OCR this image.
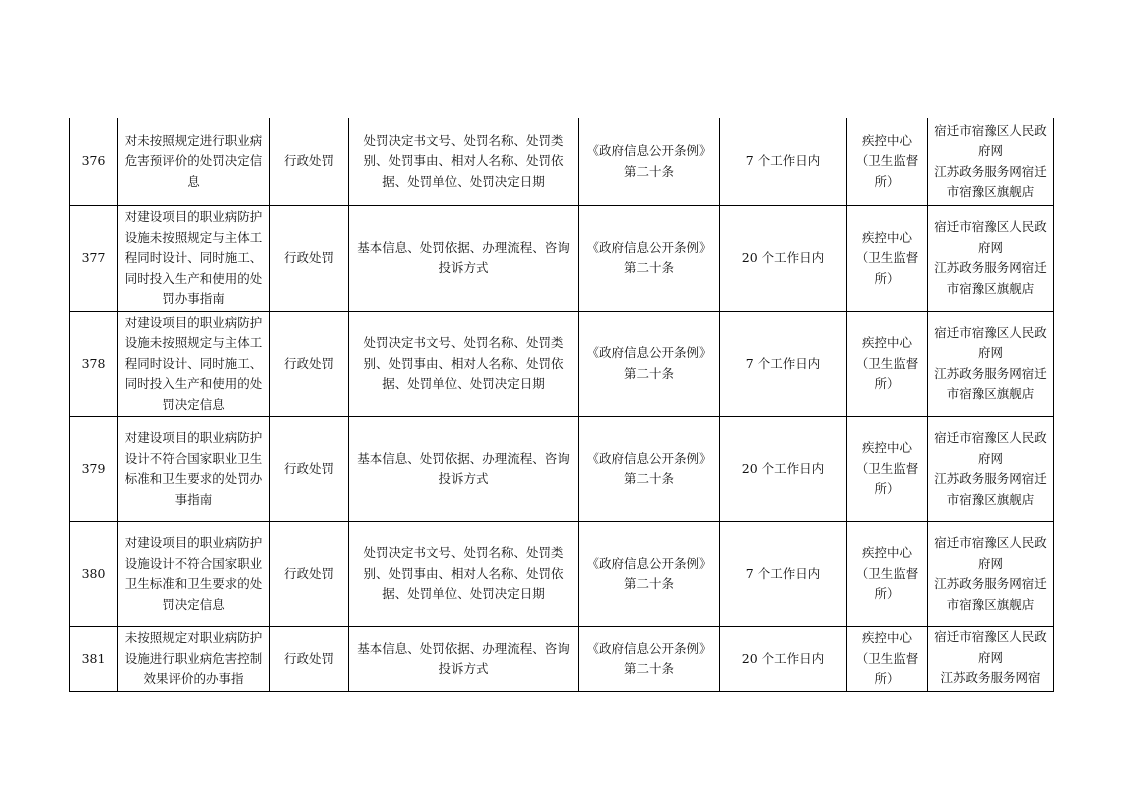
376	对未按照规定进行职业病危害预评价的处罚决定信息	行政处罚	处罚决定书文号、处罚名称、处罚类别、处罚事由、相对人名称、处罚依据、处罚单位、处罚决定日期	《政府信息公开条例》第二十条	7 个工作日内	疾控中心（卫生监督所）	宿迁市宿豫区人民政府网
江苏政务服务网宿迁市宿豫区旗舰店

377	对建设项目的职业病防护设施未按照规定与主体工程同时设计、同时施工、同时投入生产和使用的处罚办事指南	行政处罚	基本信息、处罚依据、办理流程、咨询投诉方式	《政府信息公开条例》第二十条	20 个工作日内	疾控中心（卫生监督所）	宿迁市宿豫区人民政府网
江苏政务服务网宿迁市宿豫区旗舰店

378	对建设项目的职业病防护设施未按照规定与主体工程同时设计、同时施工、同时投入生产和使用的处罚决定信息	行政处罚	处罚决定书文号、处罚名称、处罚类别、处罚事由、相对人名称、处罚依据、处罚单位、处罚决定日期	《政府信息公开条例》第二十条	7 个工作日内	疾控中心（卫生监督所）	宿迁市宿豫区人民政府网
江苏政务服务网宿迁市宿豫区旗舰店

379	对建设项目的职业病防护设计不符合国家职业卫生标准和卫生要求的处罚办事指南	行政处罚	基本信息、处罚依据、办理流程、咨询投诉方式	《政府信息公开条例》第二十条	20 个工作日内	疾控中心（卫生监督所）	宿迁市宿豫区人民政府网
江苏政务服务网宿迁市宿豫区旗舰店

380	对建设项目的职业病防护设施设计不符合国家职业卫生标准和卫生要求的处罚决定信息	行政处罚	处罚决定书文号、处罚名称、处罚类别、处罚事由、相对人名称、处罚依据、处罚单位、处罚决定日期	《政府信息公开条例》第二十条	7 个工作日内	疾控中心（卫生监督所）	宿迁市宿豫区人民政府网
江苏政务服务网宿迁市宿豫区旗舰店

381	未按照规定对职业病防护设施进行职业病危害控制效果评价的办事指	行政处罚	基本信息、处罚依据、办理流程、咨询投诉方式	《政府信息公开条例》第二十条	20 个工作日内	疾控中心（卫生监督所）	宿迁市宿豫区人民政府网
江苏政务服务网宿
